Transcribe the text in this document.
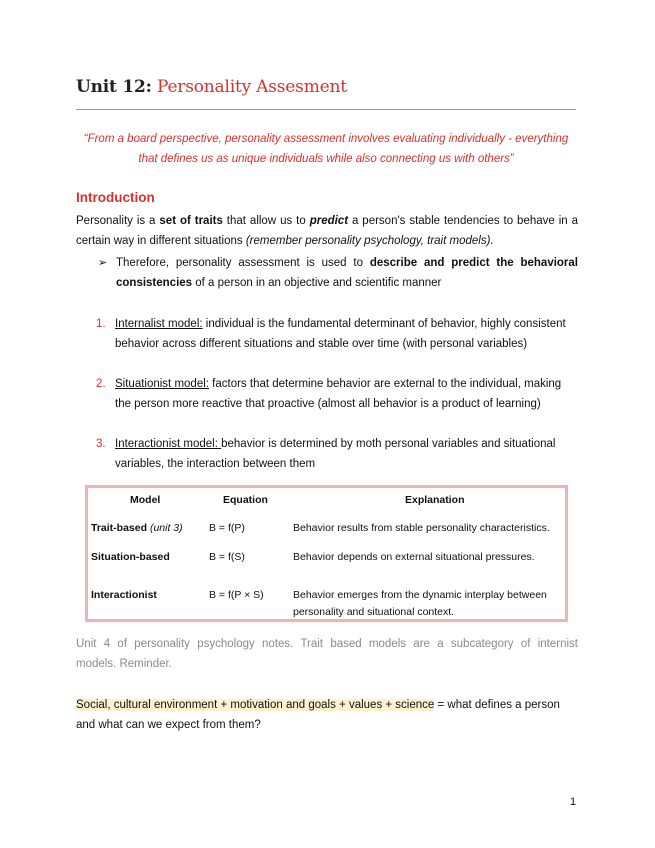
Unit 12: Personality Assesment
“From a board perspective, personality assessment involves evaluating individually - everything
that defines us as unique individuals while also connecting us with others”
Introduction
Personality is a set of traits that allow us to predict a person's stable tendencies to behave in a
certain way in different situations (remember personality psychology, trait models).
➢ Therefore, personality assessment is used to describe and predict the behavioral
consistencies of a person in an objective and scientific manner
1. Internalist model: individual is the fundamental determinant of behavior, highly consistent
behavior across different situations and stable over time (with personal variables)
2. Situationist model: factors that determine behavior are external to the individual, making
the person more reactive that proactive (almost all behavior is a product of learning)
3. Interactionist model: behavior is determined by moth personal variables and situational
variables, the interaction between them
Model	Equation	Explanation
Trait-based (unit 3)	B = f(P)	Behavior results from stable personality characteristics.
Situation-based	B = f(S)	Behavior depends on external situational pressures.
Interactionist	B = f(P × S)	Behavior emerges from the dynamic interplay between
personality and situational context.
Unit 4 of personality psychology notes. Trait based models are a subcategory of internist
models. Reminder.
Social, cultural environment + motivation and goals + values + science = what defines a person
and what can we expect from them?
1
